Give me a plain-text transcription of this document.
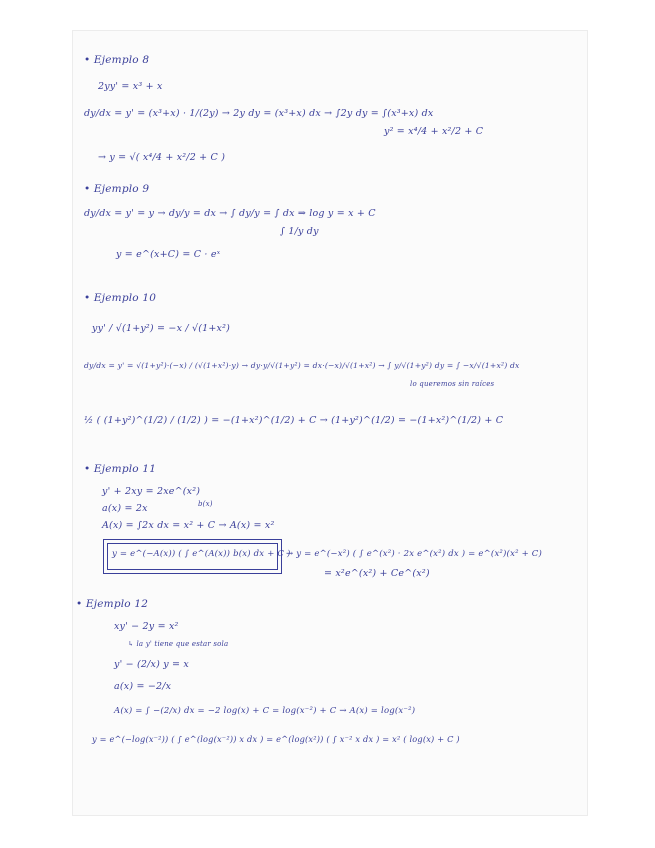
• Ejemplo 8
2yy' = x³ + x
dy/dx = y' = (x³+x) · 1/(2y) → 2y dy = (x³+x) dx → ∫2y dy = ∫(x³+x) dx
y² = x⁴/4 + x²/2 + C
→ y = √( x⁴/4 + x²/2 + C )
• Ejemplo 9
dy/dx = y' = y → dy/y = dx → ∫ dy/y = ∫ dx ⇒ log y = x + C
∫ 1/y dy
y = e^(x+C) = C · eˣ
• Ejemplo 10
yy' / √(1+y²) = −x / √(1+x²)
dy/dx = y' = √(1+y²)·(−x) / (√(1+x²)·y) → dy·y/√(1+y²) = dx·(−x)/√(1+x²) → ∫ y/√(1+y²) dy = ∫ −x/√(1+x²) dx
lo queremos sin raíces
½ ( (1+y²)^(1/2) / (1/2) ) = −(1+x²)^(1/2) + C → (1+y²)^(1/2) = −(1+x²)^(1/2) + C
• Ejemplo 11
y' + 2xy = 2xe^(x²)
b(x)
a(x) = 2x
A(x) = ∫2x dx = x² + C → A(x) = x²
y = e^(−A(x)) ( ∫ e^(A(x)) b(x) dx + C )
→ y = e^(−x²) ( ∫ e^(x²) · 2x e^(x²) dx ) = e^(x²)(x² + C)
= x²e^(x²) + Ce^(x²)
• Ejemplo 12
xy' − 2y = x²
↳ la y' tiene que estar sola
y' − (2/x) y = x
a(x) = −2/x
A(x) = ∫ −(2/x) dx = −2 log(x) + C = log(x⁻²) + C → A(x) = log(x⁻²)
y = e^(−log(x⁻²)) ( ∫ e^(log(x⁻²)) x dx ) = e^(log(x²)) ( ∫ x⁻² x dx ) = x² ( log(x) + C )
